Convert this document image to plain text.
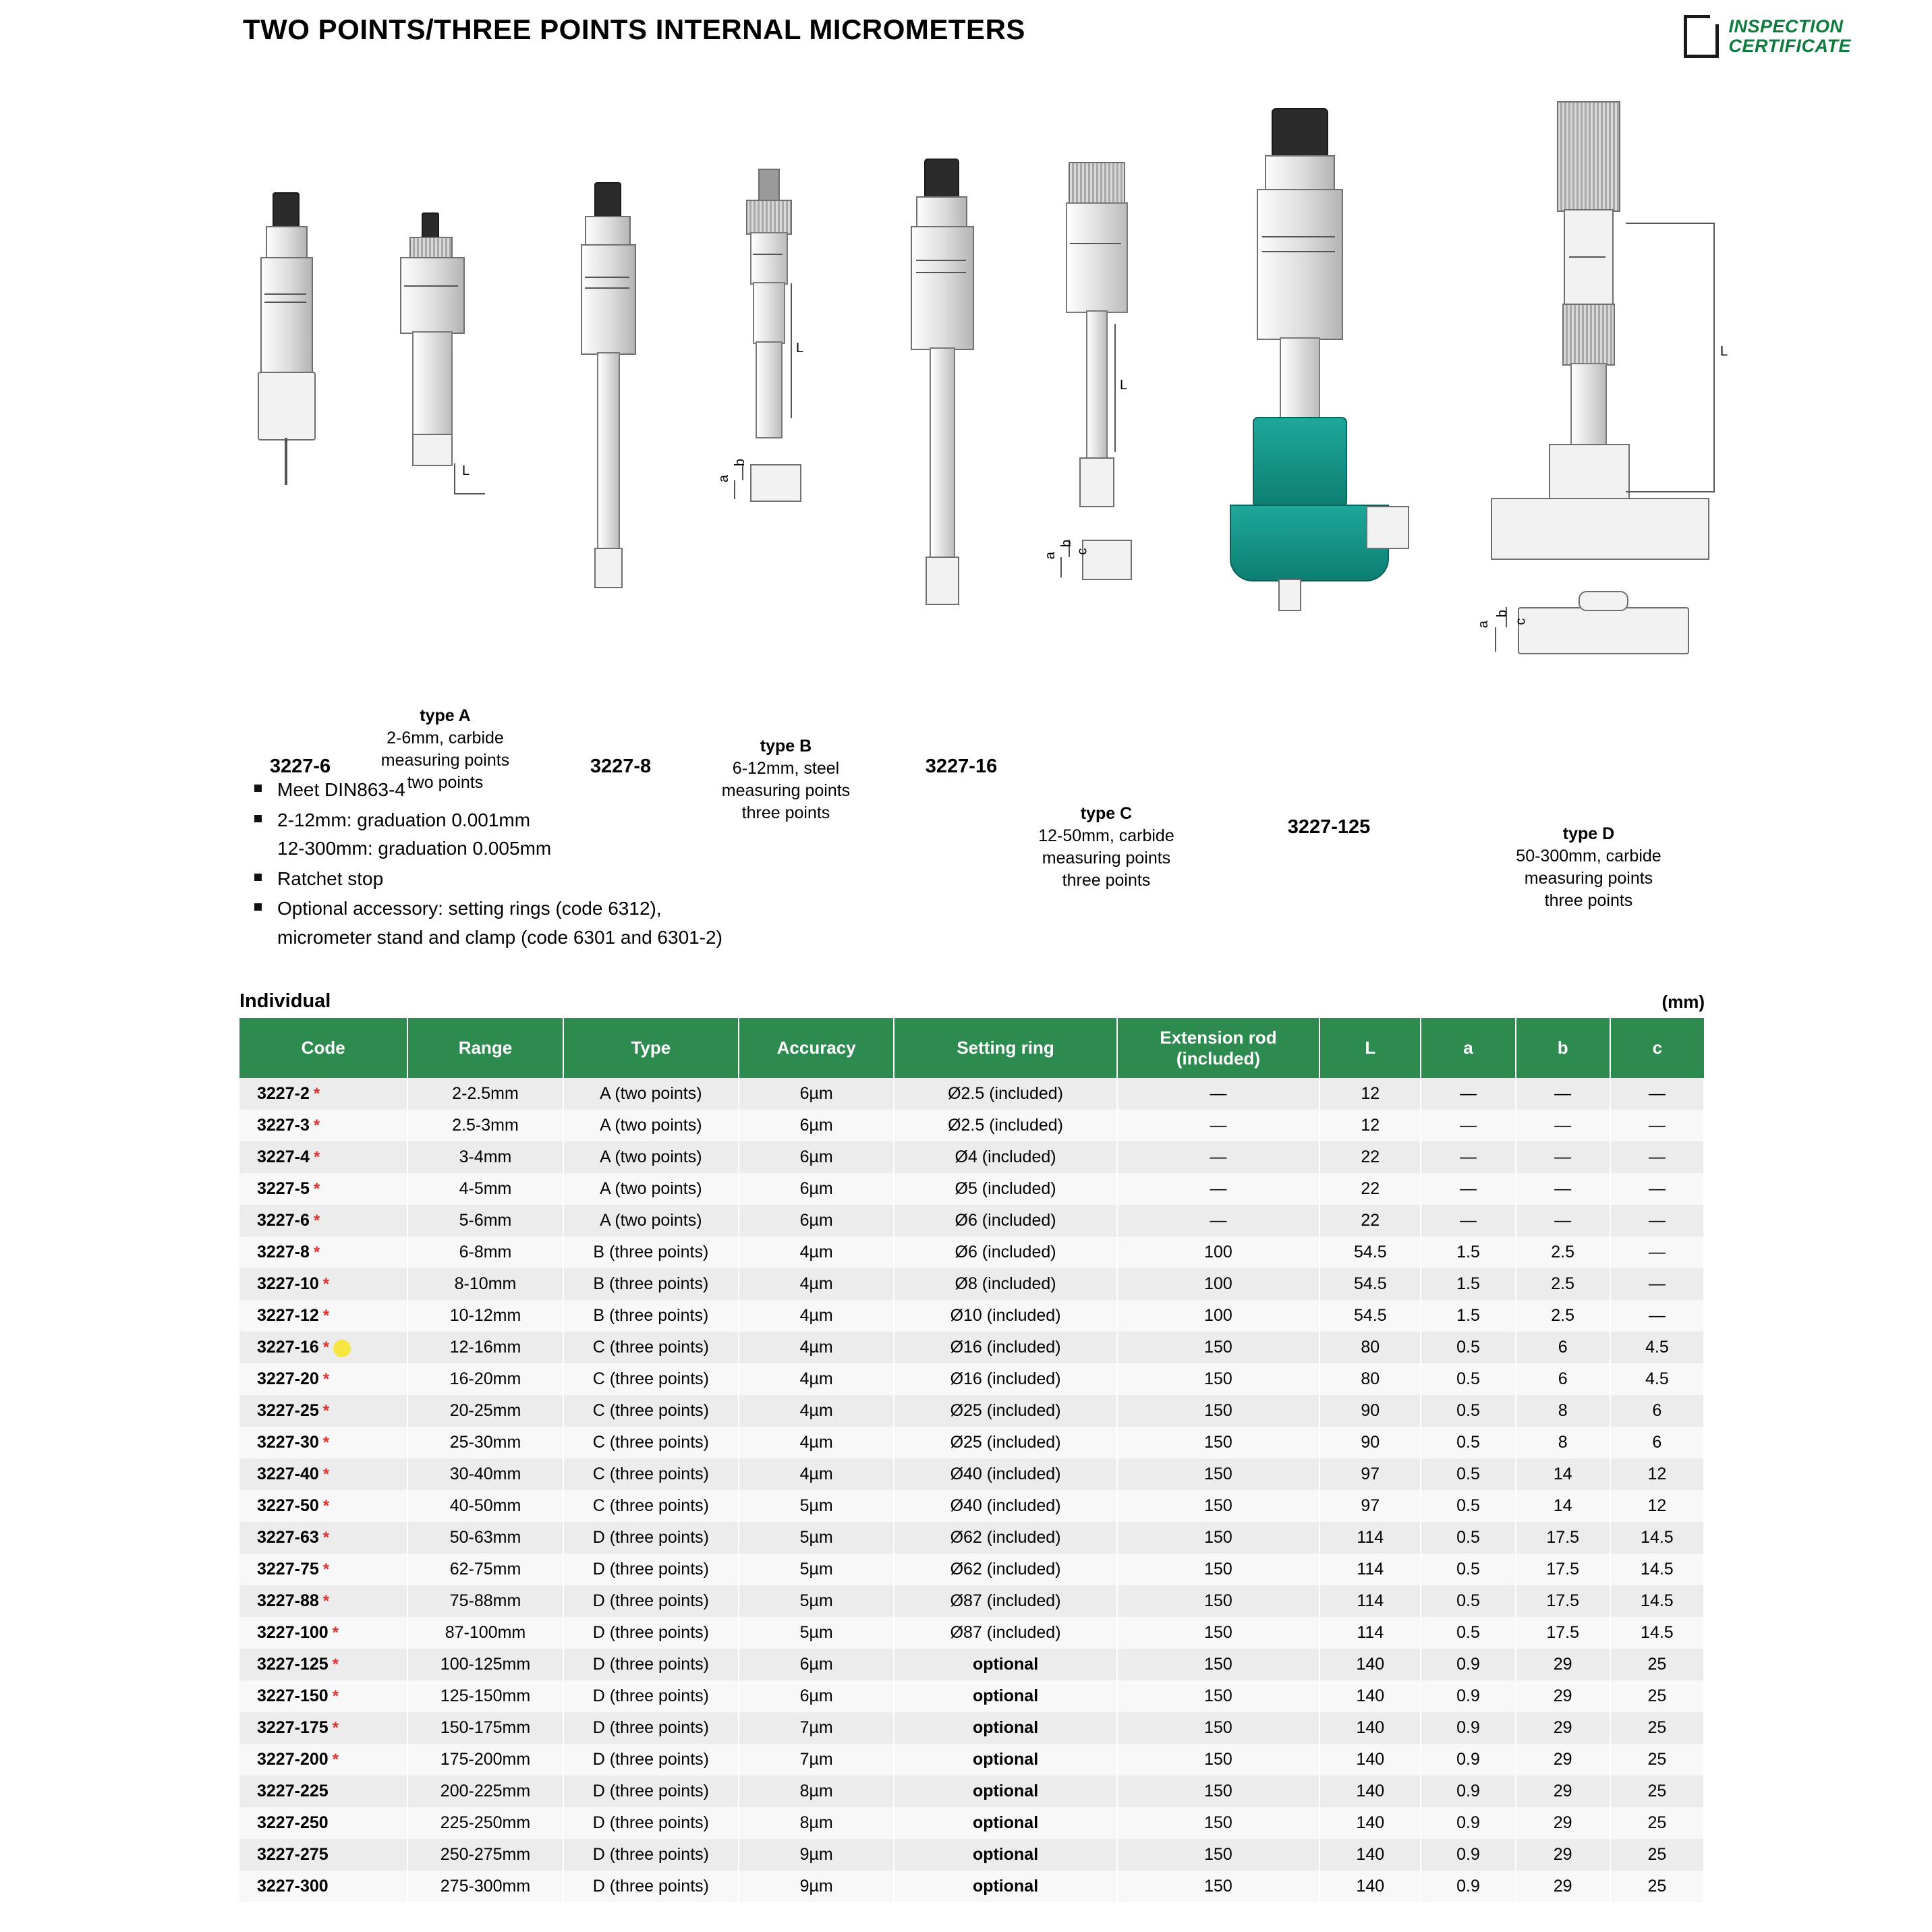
TWO POINTS/THREE POINTS INTERNAL MICROMETERS	INSPECTION
CERTIFICATE
3227-6
L
type A
2-6mm, carbide
measuring points
two points
3227-8
L
a
b
type B
6-12mm, steel
measuring points
three points
3227-16
L
a
b
c
type C
12-50mm, carbide
measuring points
three points
3227-125
L
a
b
c
type D
50-300mm, carbide
measuring points
three points
Meet DIN863-4
2-12mm: graduation 0.001mm
12-300mm: graduation 0.005mm
Ratchet stop
Optional accessory: setting rings (code 6312),
micrometer stand and clamp (code 6301 and 6301-2)
Individual	(mm)
Code	Range	Type	Accuracy	Setting ring	Extension rod (included)	L	a	b	c
3227-2 *	2-2.5mm	A (two points)	6µm	Ø2.5 (included)	—	12	—	—	—
3227-3 *	2.5-3mm	A (two points)	6µm	Ø2.5 (included)	—	12	—	—	—
3227-4 *	3-4mm	A (two points)	6µm	Ø4 (included)	—	22	—	—	—
3227-5 *	4-5mm	A (two points)	6µm	Ø5 (included)	—	22	—	—	—
3227-6 *	5-6mm	A (two points)	6µm	Ø6 (included)	—	22	—	—	—
3227-8 *	6-8mm	B (three points)	4µm	Ø6 (included)	100	54.5	1.5	2.5	—
3227-10 *	8-10mm	B (three points)	4µm	Ø8 (included)	100	54.5	1.5	2.5	—
3227-12 *	10-12mm	B (three points)	4µm	Ø10 (included)	100	54.5	1.5	2.5	—
3227-16 *	12-16mm	C (three points)	4µm	Ø16 (included)	150	80	0.5	6	4.5
3227-20 *	16-20mm	C (three points)	4µm	Ø16 (included)	150	80	0.5	6	4.5
3227-25 *	20-25mm	C (three points)	4µm	Ø25 (included)	150	90	0.5	8	6
3227-30 *	25-30mm	C (three points)	4µm	Ø25 (included)	150	90	0.5	8	6
3227-40 *	30-40mm	C (three points)	4µm	Ø40 (included)	150	97	0.5	14	12
3227-50 *	40-50mm	C (three points)	5µm	Ø40 (included)	150	97	0.5	14	12
3227-63 *	50-63mm	D (three points)	5µm	Ø62 (included)	150	114	0.5	17.5	14.5
3227-75 *	62-75mm	D (three points)	5µm	Ø62 (included)	150	114	0.5	17.5	14.5
3227-88 *	75-88mm	D (three points)	5µm	Ø87 (included)	150	114	0.5	17.5	14.5
3227-100 *	87-100mm	D (three points)	5µm	Ø87 (included)	150	114	0.5	17.5	14.5
3227-125 *	100-125mm	D (three points)	6µm	optional	150	140	0.9	29	25
3227-150 *	125-150mm	D (three points)	6µm	optional	150	140	0.9	29	25
3227-175 *	150-175mm	D (three points)	7µm	optional	150	140	0.9	29	25
3227-200 *	175-200mm	D (three points)	7µm	optional	150	140	0.9	29	25
3227-225	200-225mm	D (three points)	8µm	optional	150	140	0.9	29	25
3227-250	225-250mm	D (three points)	8µm	optional	150	140	0.9	29	25
3227-275	250-275mm	D (three points)	9µm	optional	150	140	0.9	29	25
3227-300	275-300mm	D (three points)	9µm	optional	150	140	0.9	29	25
